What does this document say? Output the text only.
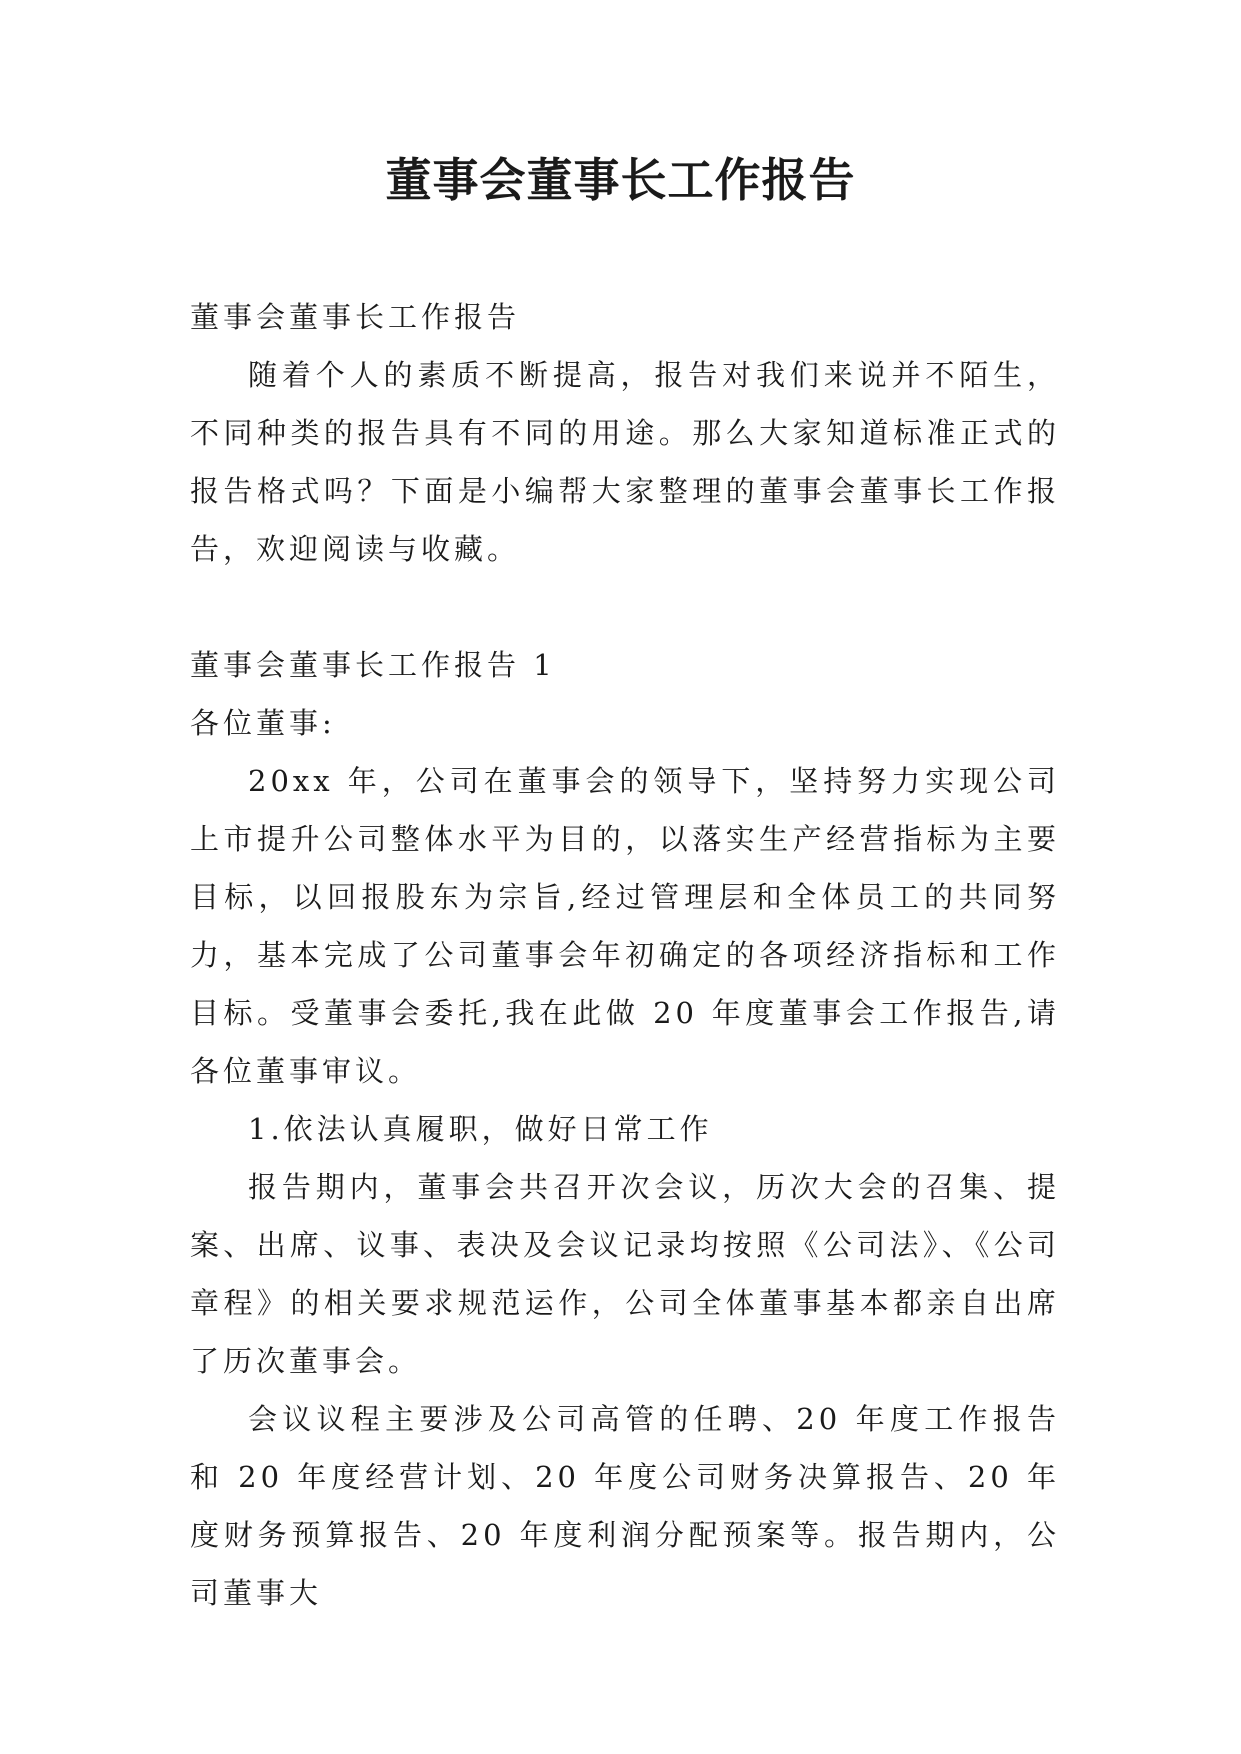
董事会董事长工作报告

董事会董事长工作报告

随着个人的素质不断提高，报告对我们来说并不陌生，不同种类的报告具有不同的用途。那么大家知道标准正式的报告格式吗？下面是小编帮大家整理的董事会董事长工作报告，欢迎阅读与收藏。

董事会董事长工作报告 1

各位董事:

20xx 年，公司在董事会的领导下，坚持努力实现公司上市提升公司整体水平为目的，以落实生产经营指标为主要目标，以回报股东为宗旨,经过管理层和全体员工的共同努力，基本完成了公司董事会年初确定的各项经济指标和工作目标。受董事会委托,我在此做 20 年度董事会工作报告,请各位董事审议。

1.依法认真履职，做好日常工作

报告期内，董事会共召开次会议，历次大会的召集、提案、出席、议事、表决及会议记录均按照《公司法》、《公司章程》的相关要求规范运作，公司全体董事基本都亲自出席了历次董事会。

会议议程主要涉及公司高管的任聘、20 年度工作报告和 20 年度经营计划、20 年度公司财务决算报告、20 年度财务预算报告、20 年度利润分配预案等。报告期内，公司董事大
